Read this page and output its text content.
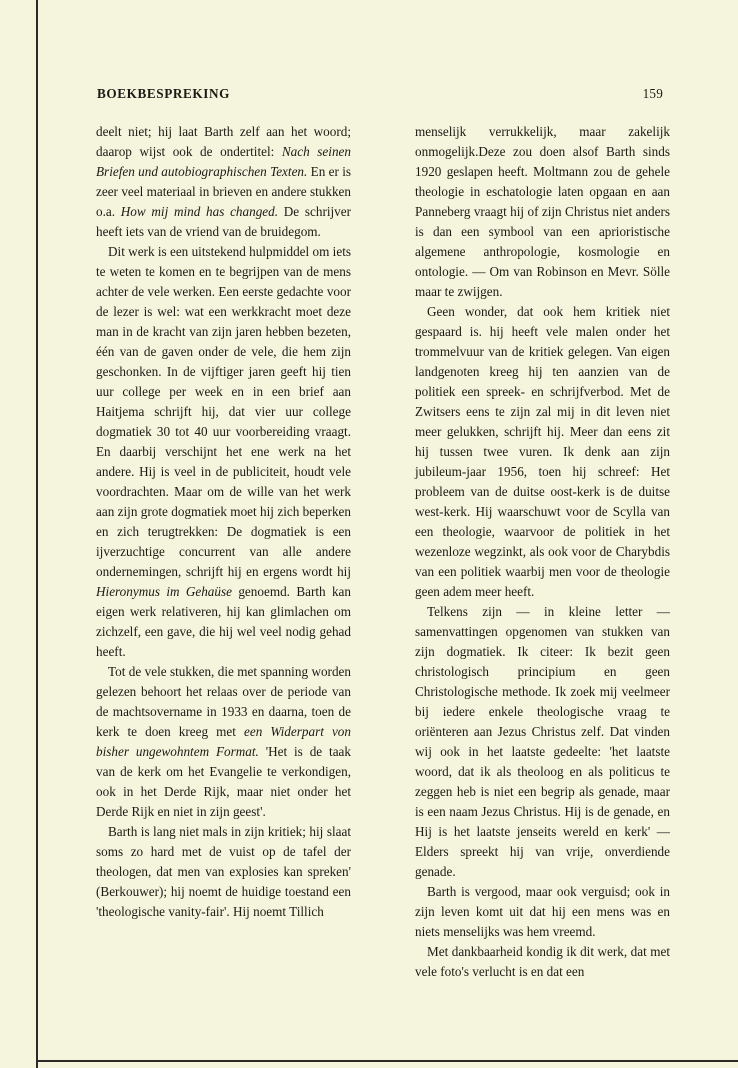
BOEKBESPREKING	159

deelt niet; hij laat Barth zelf aan het woord; daarop wijst ook de ondertitel: Nach seinen Briefen und autobiographischen Texten. En er is zeer veel materiaal in brieven en andere stukken o.a. How mij mind has changed. De schrijver heeft iets van de vriend van de bruidegom.

Dit werk is een uitstekend hulpmiddel om iets te weten te komen en te begrijpen van de mens achter de vele werken. Een eerste gedachte voor de lezer is wel: wat een werkkracht moet deze man in de kracht van zijn jaren hebben bezeten, één van de gaven onder de vele, die hem zijn geschonken. In de vijftiger jaren geeft hij tien uur college per week en in een brief aan Haitjema schrijft hij, dat vier uur college dogmatiek 30 tot 40 uur voorbereiding vraagt. En daarbij verschijnt het ene werk na het andere. Hij is veel in de publiciteit, houdt vele voordrachten. Maar om de wille van het werk aan zijn grote dogmatiek moet hij zich beperken en zich terugtrekken: De dogmatiek is een ijverzuchtige concurrent van alle andere ondernemingen, schrijft hij en ergens wordt hij Hieronymus im Gehaüse genoemd. Barth kan eigen werk relativeren, hij kan glimlachen om zichzelf, een gave, die hij wel veel nodig gehad heeft.

Tot de vele stukken, die met spanning worden gelezen behoort het relaas over de periode van de machtsovername in 1933 en daarna, toen de kerk te doen kreeg met een Widerpart von bisher ungewohntem Format. 'Het is de taak van de kerk om het Evangelie te verkondigen, ook in het Derde Rijk, maar niet onder het Derde Rijk en niet in zijn geest'.

Barth is lang niet mals in zijn kritiek; hij slaat soms zo hard met de vuist op de tafel der theologen, dat men van explosies kan spreken' (Berkouwer); hij noemt de huidige toestand een 'theologische vanity-fair'. Hij noemt Tillich

menselijk verrukkelijk, maar zakelijk onmogelijk.Deze zou doen alsof Barth sinds 1920 geslapen heeft. Moltmann zou de gehele theologie in eschatologie laten opgaan en aan Panneberg vraagt hij of zijn Christus niet anders is dan een symbool van een aprioristische algemene anthropologie, kosmologie en ontologie. — Om van Robinson en Mevr. Sölle maar te zwijgen.

Geen wonder, dat ook hem kritiek niet gespaard is. hij heeft vele malen onder het trommelvuur van de kritiek gelegen. Van eigen landgenoten kreeg hij ten aanzien van de politiek een spreek- en schrijfverbod. Met de Zwitsers eens te zijn zal mij in dit leven niet meer gelukken, schrijft hij. Meer dan eens zit hij tussen twee vuren. Ik denk aan zijn jubileum-jaar 1956, toen hij schreef: Het probleem van de duitse oost-kerk is de duitse west-kerk. Hij waarschuwt voor de Scylla van een theologie, waarvoor de politiek in het wezenloze wegzinkt, als ook voor de Charybdis van een politiek waarbij men voor de theologie geen adem meer heeft.

Telkens zijn — in kleine letter — samenvattingen opgenomen van stukken van zijn dogmatiek. Ik citeer: Ik bezit geen christologisch principium en geen Christologische methode. Ik zoek mij veelmeer bij iedere enkele theologische vraag te oriënteren aan Jezus Christus zelf. Dat vinden wij ook in het laatste gedeelte: 'het laatste woord, dat ik als theoloog en als politicus te zeggen heb is niet een begrip als genade, maar is een naam Jezus Christus. Hij is de genade, en Hij is het laatste jenseits wereld en kerk' — Elders spreekt hij van vrije, onverdiende genade.

Barth is vergood, maar ook verguisd; ook in zijn leven komt uit dat hij een mens was en niets menselijks was hem vreemd.

Met dankbaarheid kondig ik dit werk, dat met vele foto's verlucht is en dat een
